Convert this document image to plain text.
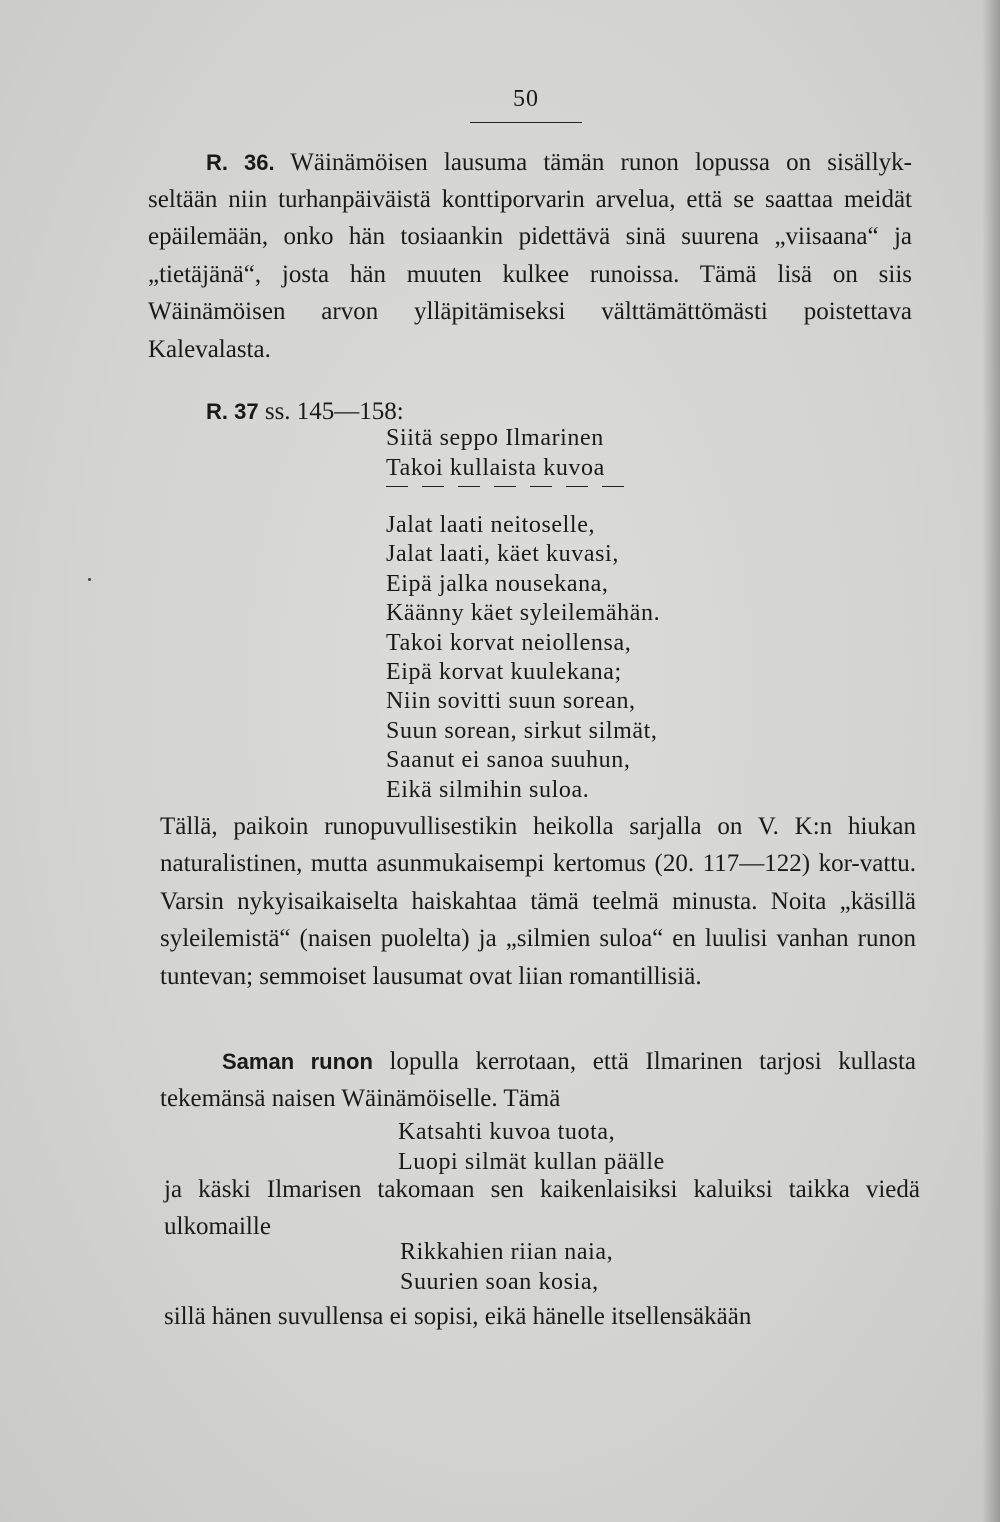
50

R. 36. Wäinämöisen lausuma tämän runon lopussa on sisällyk-

seltään niin turhanpäiväistä konttiporvarin arvelua, että se saattaa meidät epäilemään, onko hän tosiaankin pidettävä sinä suurena „viisaana“ ja „tietäjänä“, josta hän muuten kulkee runoissa. Tämä lisä on siis Wäinämöisen arvon ylläpitämiseksi välttämättömästi poistettava Kalevalasta.

R. 37 ss. 145—158:

Siitä seppo Ilmarinen
Takoi kullaista kuvoa
Jalat laati neitoselle,
Jalat laati, käet kuvasi,
Eipä jalka nousekana,
Käänny käet syleilemähän.
Takoi korvat neiollensa,
Eipä korvat kuulekana;
Niin sovitti suun sorean,
Suun sorean, sirkut silmät,
Saanut ei sanoa suuhun,
Eikä silmihin suloa.

Tällä, paikoin runopuvullisestikin heikolla sarjalla on V. K:n hiukan naturalistinen, mutta asunmukaisempi kertomus (20. 117—122) kor-vattu. Varsin nykyisaikaiselta haiskahtaa tämä teelmä minusta. Noita „käsillä syleilemistä“ (naisen puolelta) ja „silmien suloa“ en luulisi vanhan runon tuntevan; semmoiset lausumat ovat liian romantillisiä.

Saman runon lopulla kerrotaan, että Ilmarinen tarjosi kullasta tekemänsä naisen Wäinämöiselle. Tämä

Katsahti kuvoa tuota,
Luopi silmät kullan päälle

ja käski Ilmarisen takomaan sen kaikenlaisiksi kaluiksi taikka viedä ulkomaille

Rikkahien riian naia,
Suurien soan kosia,

sillä hänen suvullensa ei sopisi, eikä hänelle itsellensäkään
